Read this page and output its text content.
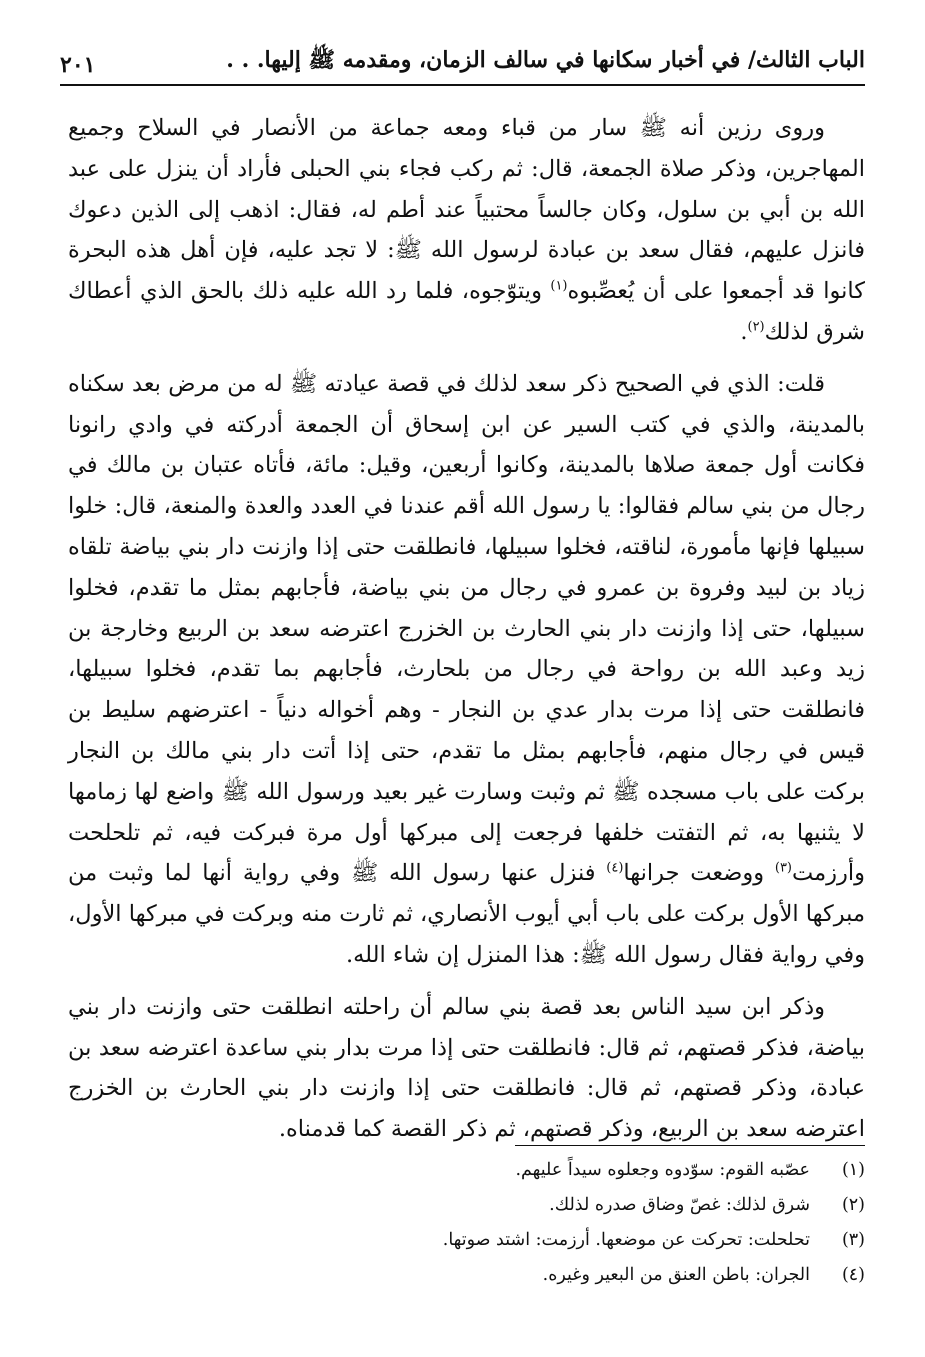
الباب الثالث/ في أخبار سكانها في سالف الزمان، ومقدمه ﷺ إليها. . .
٢٠١

وروى رزين أنه ﷺ سار من قباء ومعه جماعة من الأنصار في السلاح وجميع المهاجرين، وذكر صلاة الجمعة، قال: ثم ركب فجاء بني الحبلى فأراد أن ينزل على عبد الله بن أبي بن سلول، وكان جالساً محتبياً عند أطم له، فقال: اذهب إلى الذين دعوك فانزل عليهم، فقال سعد بن عبادة لرسول الله ﷺ: لا تجد عليه، فإن أهل هذه البحرة كانوا قد أجمعوا على أن يُعصِّبوه$^{(١)}$ ويتوّجوه، فلما رد الله عليه ذلك بالحق الذي أعطاك شرق لذلك$^{(٢)}$.

قلت: الذي في الصحيح ذكر سعد لذلك في قصة عيادته ﷺ له من مرض بعد سكناه بالمدينة، والذي في كتب السير عن ابن إسحاق أن الجمعة أدركته في وادي رانونا فكانت أول جمعة صلاها بالمدينة، وكانوا أربعين، وقيل: مائة، فأتاه عتبان بن مالك في رجال من بني سالم فقالوا: يا رسول الله أقم عندنا في العدد والعدة والمنعة، قال: خلوا سبيلها فإنها مأمورة، لناقته، فخلوا سبيلها، فانطلقت حتى إذا وازنت دار بني بياضة تلقاه زياد بن لبيد وفروة بن عمرو في رجال من بني بياضة، فأجابهم بمثل ما تقدم، فخلوا سبيلها، حتى إذا وازنت دار بني الحارث بن الخزرج اعترضه سعد بن الربيع وخارجة بن زيد وعبد الله بن رواحة في رجال من بلحارث، فأجابهم بما تقدم، فخلوا سبيلها، فانطلقت حتى إذا مرت بدار عدي بن النجار - وهم أخواله دنياً - اعترضهم سليط بن قيس في رجال منهم، فأجابهم بمثل ما تقدم، حتى إذا أتت دار بني مالك بن النجار بركت على باب مسجده ﷺ ثم وثبت وسارت غير بعيد ورسول الله ﷺ واضع لها زمامها لا يثنيها به، ثم التفتت خلفها فرجعت إلى مبركها أول مرة فبركت فيه، ثم تلحلحت وأرزمت$^{(٣)}$ ووضعت جرانها$^{(٤)}$ فنزل عنها رسول الله ﷺ وفي رواية أنها لما وثبت من مبركها الأول بركت على باب أبي أيوب الأنصاري، ثم ثارت منه وبركت في مبركها الأول، وفي رواية فقال رسول الله ﷺ: هذا المنزل إن شاء الله.

وذكر ابن سيد الناس بعد قصة بني سالم أن راحلته انطلقت حتى وازنت دار بني بياضة، فذكر قصتهم، ثم قال: فانطلقت حتى إذا مرت بدار بني ساعدة اعترضه سعد بن عبادة، وذكر قصتهم، ثم قال: فانطلقت حتى إذا وازنت دار بني الحارث بن الخزرج اعترضه سعد بن الربيع، وذكر قصتهم، ثم ذكر القصة كما قدمناه.

(١)
عصّبه القوم: سوّدوه وجعلوه سيداً عليهم.
(٢)
شرق لذلك: غصّ وضاق صدره لذلك.
(٣)
تحلحلت: تحركت عن موضعها. أرزمت: اشتد صوتها.
(٤)
الجران: باطن العنق من البعير وغيره.
